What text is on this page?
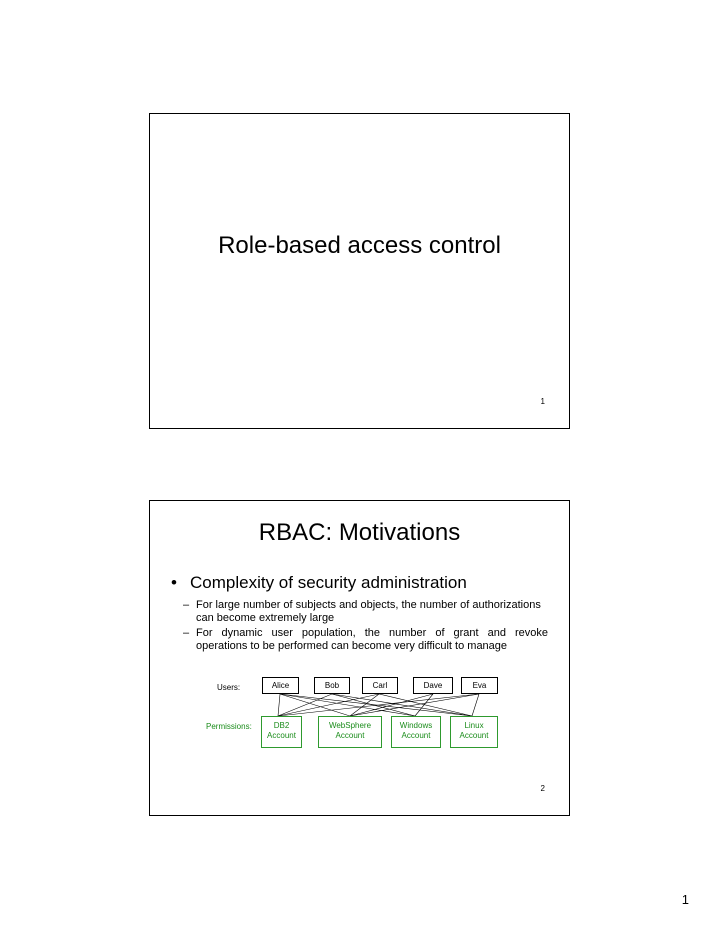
Role-based access control
1
RBAC: Motivations
• Complexity of security administration
– For large number of subjects and objects, the number of authorizations can become extremely large
– For dynamic user population, the number of grant and revoke operations to be performed can become very difficult to manage
Users:	Alice	Bob	Carl	Dave	Eva
Permissions:	DB2
Account
WebSphere
Account
Windows
Account
Linux
Account
2
1
